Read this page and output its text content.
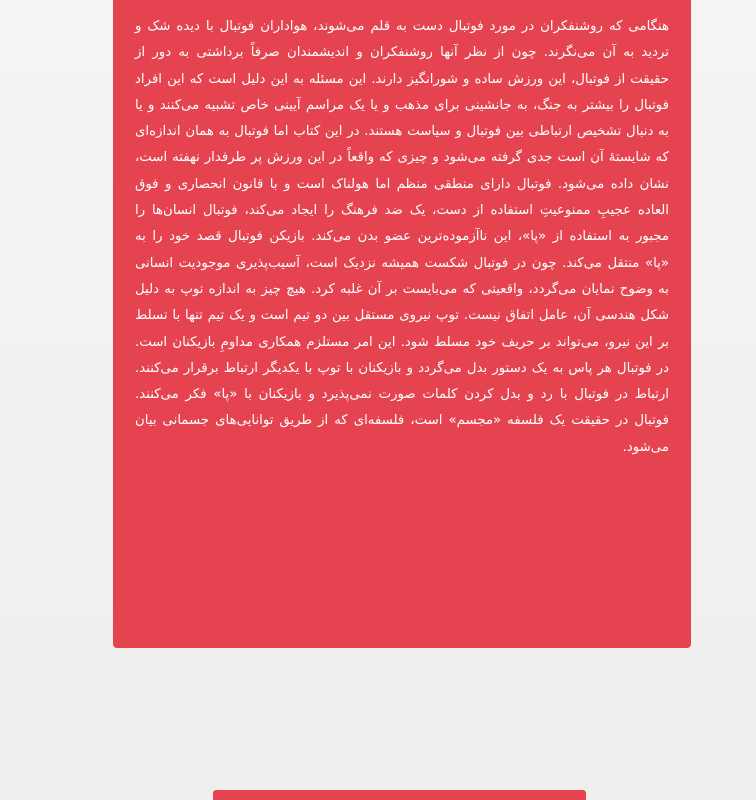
هنگامی که روشنفکران در مورد فوتبال دست به قلم می‌شوند، هواداران فوتبال با دیده شک و تردید به آن می‌نگرند. چون از نظر آنها روشنفکران و اندیشمندان صرفاً برداشتی به دور از حقیقت از فوتبال، این ورزش ساده و شورانگیز دارند. این مسئله به این دلیل است که این افراد فوتبال را بیشتر به جنگ، به جانشینی برای مذهب و یا یک مراسم آیینی خاص تشبیه می‌کنند و یا به دنبال تشخیص ارتباطی بین فوتبال و سیاست هستند. در این کتاب اما فوتبال به همان اندازه‌ای که شایستهٔ آن است جدی گرفته می‌شود و چیزی که واقعاً در این ورزش پر طرفدار نهفته است، نشان داده می‌شود. فوتبال دارای منطقی منظم اما هولناک است و با قانون انحصاری و فوق العاده عجیبِ ممنوعیتِ استفاده از دست، یک ضد فرهنگ را ایجاد می‌کند، فوتبال انسان‌ها را مجبور به استفاده از «پا»، این ناآزموده‌ترین عضو بدن می‌کند. بازیکن فوتبال قصد خود را به «پا» منتقل می‌کند. چون در فوتبال شکست همیشه نزدیک است، آسیب‌پذیری موجودیت انسانی به وضوح نمایان می‌گردد، واقعیتی که می‌بایست بر آن غلبه کرد. هیچ چیز به اندازه توپ به دلیل شکل هندسی آن، عامل اتفاق نیست. توپ نیروی مستقل بین دو تیم است و یک تیم تنها با تسلط بر این نیرو، می‌تواند بر حریف خود مسلط شود. این امر مستلزم همکاری مداومِ بازیکنان است. در فوتبال هر پاس به یک دستور بدل می‌گردد و بازیکنان با توپ با یکدیگر ارتباط برقرار می‌کنند. ارتباط در فوتبال با رد و بدل کردن کلمات صورت نمی‌پذیرد و بازیکنان با «پا» فکر می‌کنند. فوتبال در حقیقت یک فلسفه «مجسم» است، فلسفه‌ای که از طریق توانایی‌های جسمانی بیان می‌شود.
